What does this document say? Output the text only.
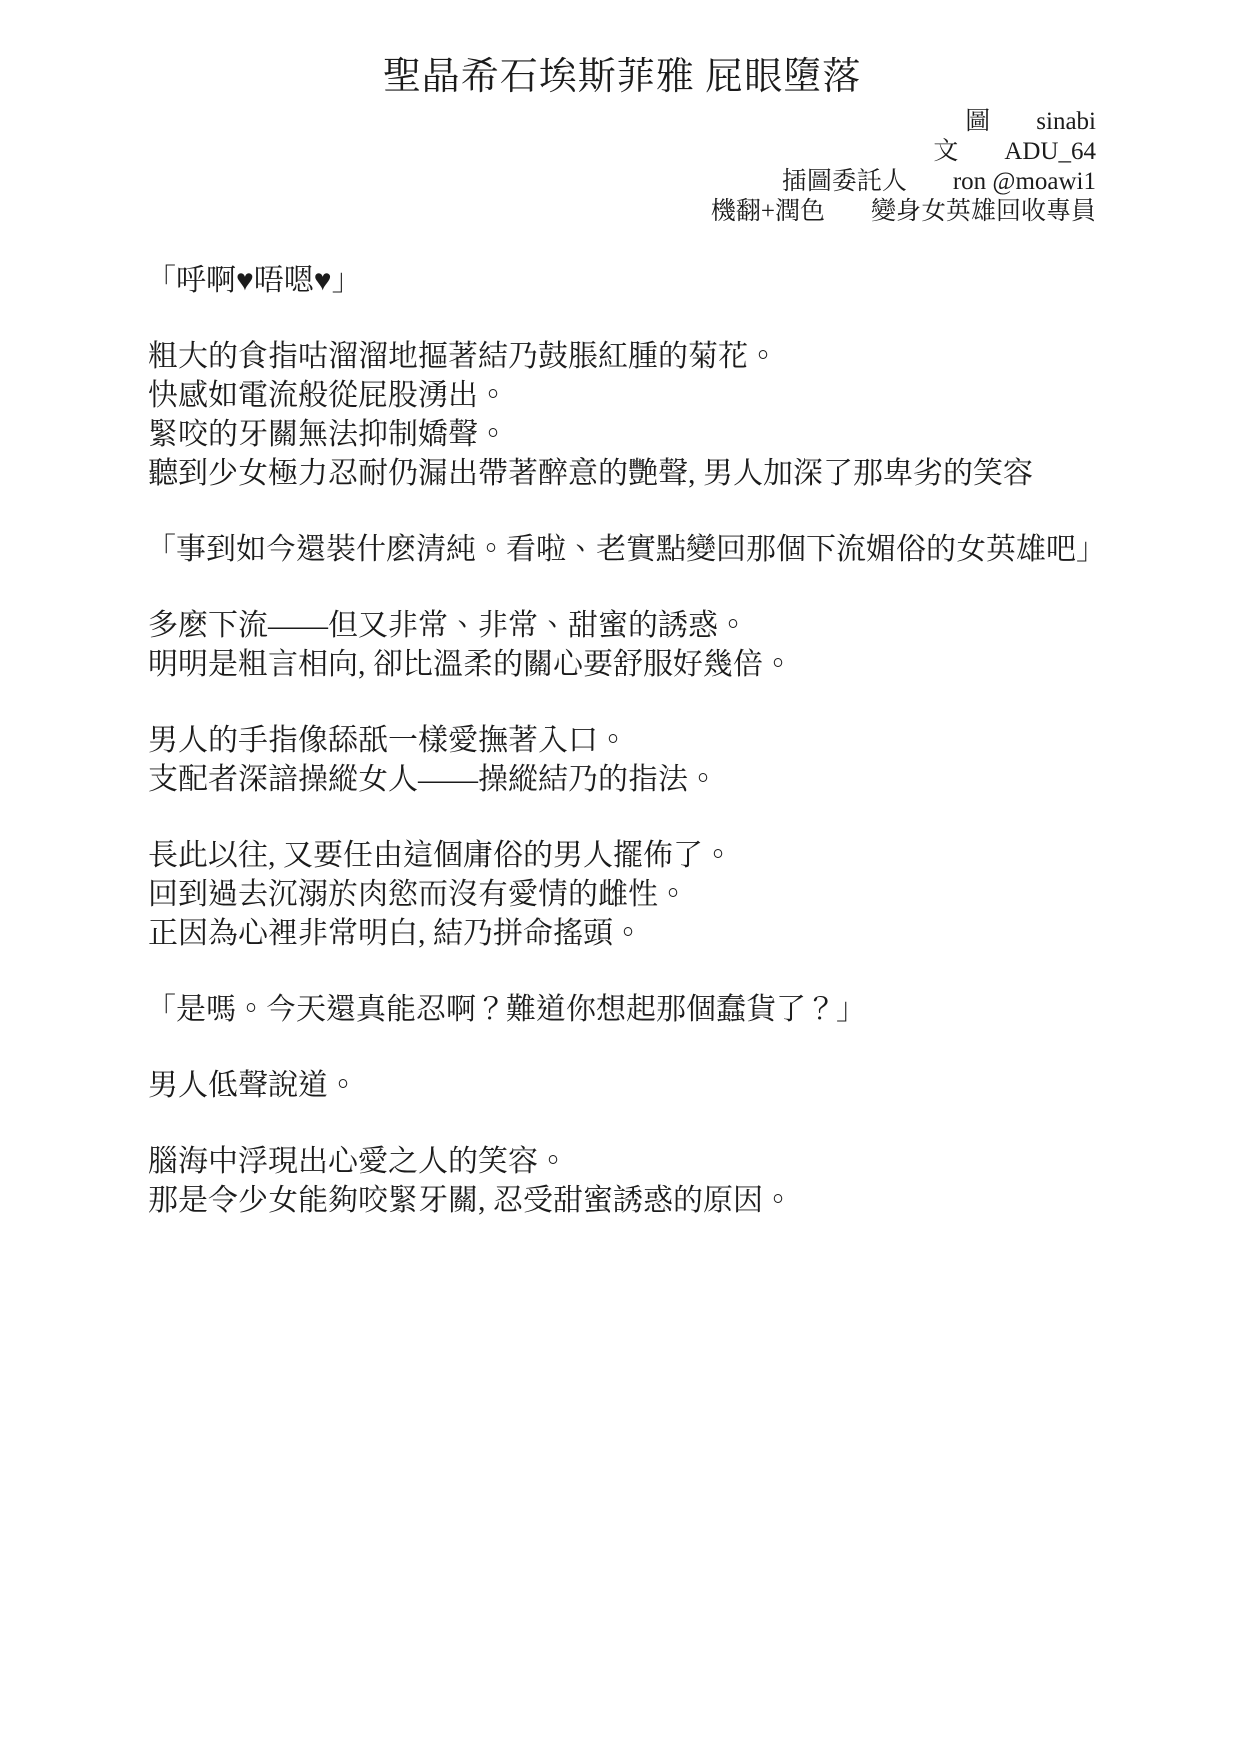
聖晶希石埃斯菲雅 屁眼墮落
圖 sinabi
文 ADU_64
插圖委託人 ron @moawi1
機翻+潤色 變身女英雄回收專員
「呼啊♥唔嗯♥」
粗大的食指咕溜溜地摳著結乃鼓脹紅腫的菊花。
快感如電流般從屁股湧出。
緊咬的牙關無法抑制嬌聲。
聽到少女極力忍耐仍漏出帶著醉意的艷聲, 男人加深了那卑劣的笑容
「事到如今還裝什麽清純。看啦、老實點變回那個下流媚俗的女英雄吧」
多麽下流——但又非常、非常、甜蜜的誘惑。
明明是粗言相向, 卻比溫柔的關心要舒服好幾倍。
男人的手指像舔舐一樣愛撫著入口。
支配者深諳操縱女人——操縱結乃的指法。
長此以往, 又要任由這個庸俗的男人擺佈了。
回到過去沉溺於肉慾而沒有愛情的雌性。
正因為心裡非常明白, 結乃拼命搖頭。
「是嗎。今天還真能忍啊？難道你想起那個蠢貨了？」
男人低聲說道。
腦海中浮現出心愛之人的笑容。
那是令少女能夠咬緊牙關, 忍受甜蜜誘惑的原因。
